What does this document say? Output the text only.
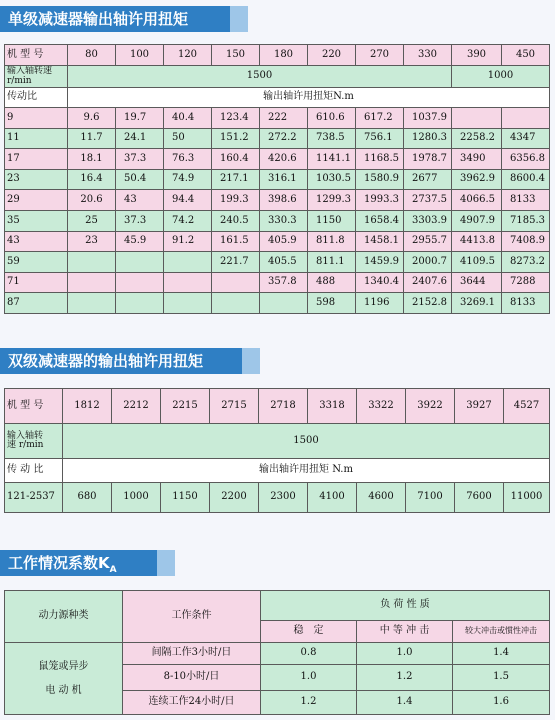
单级减速器输出轴许用扭矩
机 型 号	80	100	120	150	180	220	270	330	390	450
输入轴转速
r/min	1500								1000	
传动比	输出轴许用扭矩N.m									
9	9.6	19.7	40.4	123.4	222	610.6	617.2	1037.9		
11	11.7	24.1	50	151.2	272.2	738.5	756.1	1280.3	2258.2	4347
17	18.1	37.3	76.3	160.4	420.6	1141.1	1168.5	1978.7	3490	6356.8
23	16.4	50.4	74.9	217.1	316.1	1030.5	1580.9	2677	3962.9	8600.4
29	20.6	43	94.4	199.3	398.6	1299.3	1993.3	2737.5	4066.5	8133
35	25	37.3	74.2	240.5	330.3	1150	1658.4	3303.9	4907.9	7185.3
43	23	45.9	91.2	161.5	405.9	811.8	1458.1	2955.7	4413.8	7408.9
59				221.7	405.5	811.1	1459.9	2000.7	4109.5	8273.2
71					357.8	488	1340.4	2407.6	3644	7288
87						598	1196	2152.8	3269.1	8133
双级减速器的输出轴许用扭矩
机 型 号	1812	2212	2215	2715	2718	3318	3322	3922	3927	4527
输入轴转
速 r/min	1500									
传 动 比	输出轴许用扭矩 N.m									
121-2537	680	1000	1150	2200	2300	4100	4600	7100	7600	11000
工作情况系数$K_A$
动力源种类	工作条件	负 荷 性 质		
		稳　定	中 等 冲 击	较大冲击或惯性冲击
鼠笼或异步
电 动 机	间隔工作3小时/日	0.8	1.0	1.4
	8-10小时/日	1.0	1.2	1.5
	连续工作24小时/日	1.2	1.4	1.6
